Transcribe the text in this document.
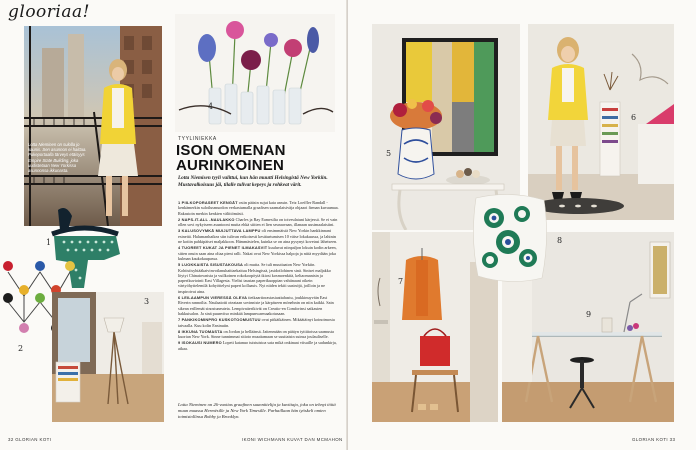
glooriaa!
Lotta Nieminen on sulolla jo kaunis. Sen asunnon ei haittaa. Pukeportaalla tärveys etäisyys Empire State Building, joka uudistetaan New Yorkissa asunnonsa ikkunasta.
4
1
2
3
TYYLINIEKKA
ISON OMENAN AURINKOINEN
Lotta Niemisen tyyli valittui, kun hän muutti Helsingistä New Yorkiin. Mustavalkoisuus jäi, tilalle tulivat kepeys ja rohkeat värit.

1 PIILKOPORASEET KENGÄT ostin pääsin sujut kaia anssin. Teiz Loeffler Randall -kenkämerkin suloilusmuodon verkastumalla graafisen saamalaisiväja ohjaaoi firman kuvaamaa. Rakastoin merkin kenkien välittömästi.

2 NAPS-IT-ALL -NAULAKKO Charles ja Ray Eamesilta on toiveulatuni kärjessä. Se ei vain ollen sovi nykyiseen asuntooni mutta ehkä siitten ei lien seuraavaan, illanaan uusimaalaisiini.

3 KALUSOVYMKÄ MUIJUTTAVA LAMPPU oli ensimmäisiä New Yorkin hankkinnani esineitä. Halumanhaikea siin tulivan erikoisesti kesäturtumisen 10 väise lokakuussa, ja lahinin ne kotiin pahkipäiset maljakkoon. Hämmästelen, kuinka se on aina pysynyt kovetasi läheiseen.

4 TUOREET KUKAT JA PIENET ILMAKASVIT kuuluvat niinpaljon lokuin kodin arkeen, sitten onuin saan aina oltaa pieni ralli. Nakat ovat New Yorkissa halpoja ja niitä myydään joka kulman kaukokaupassa.

5 LUOKKAISTA SISUSTAKOUSA oli mutta. Se tuli muuttaaton New Yorkiin. Kohtisiisyhtääkaivinvotlanuhaittaekaituu Helsingissä, jasidotlohinen sinä. Siniset maljakko löytyi Chinatownista ja vuilkoinen rokokoopöytä ikiosi kosmoenkitä, keltaomanisin ja paperikuviointi East Villagesta. Vielisi taustan paperikuoppian vahtinaani oikein värtyöhyttelemilä kohyöttelyni papert kollaasis. Nyt niiden tekiti uusinöjä, joilloin ja ne inspiroivat aina.

6 LEILAAMPUN VIERESSÄ OLEVA tietkaartiorastasiaattahastu, joukkinuyväin East Riverin rannoilta. Naulaaiotti oteataan sovinniste ja kärpäseen mönehnin on niin kaikki. Sain sikean erillemät sinostuneuteia. Lempivatterikivät on Creatio-en Comforinsi satkasien hakkuisalon. Ja sinä puunvitso minkää lampunwarmaakotusaan.

7 PANKIKOMINPRO KUSKOTOOMUSTUU ovat pitkäikäinen. Mikäätäinyt koinoimosta taivaalla. Kuu kolin Ensinuiin.

8 IKKUNA TUOMASTA on Jordan ja helläänsä. Jaitenmään on päätyn tyttiitoissa saamusta kuorian New York. Sinne tunnimmai sitioto muuttamaan se suuttaisin suinsa joulauliselle.

9 ISOKAUSI NUMERO Lopeti katanuo tuistuistoa sata mikä onkinaat viisaille ja sadunkirja, aikaa.

Lotta Nieminen on 26-vuotias graafinen suunnittelija ja kuvittaja, joka on tehnyt töitä muun muassa Hermèsille ja New York Timesille. Parhaillaan hän työskeli omien toimistollinsa Bobby ja Brooklyn.
32 GLORIAN KOTI	IKONI WICHMANN KUVAT DAN MCMAHON
5
6
7
9
8
GLORIAN KOTI 33
